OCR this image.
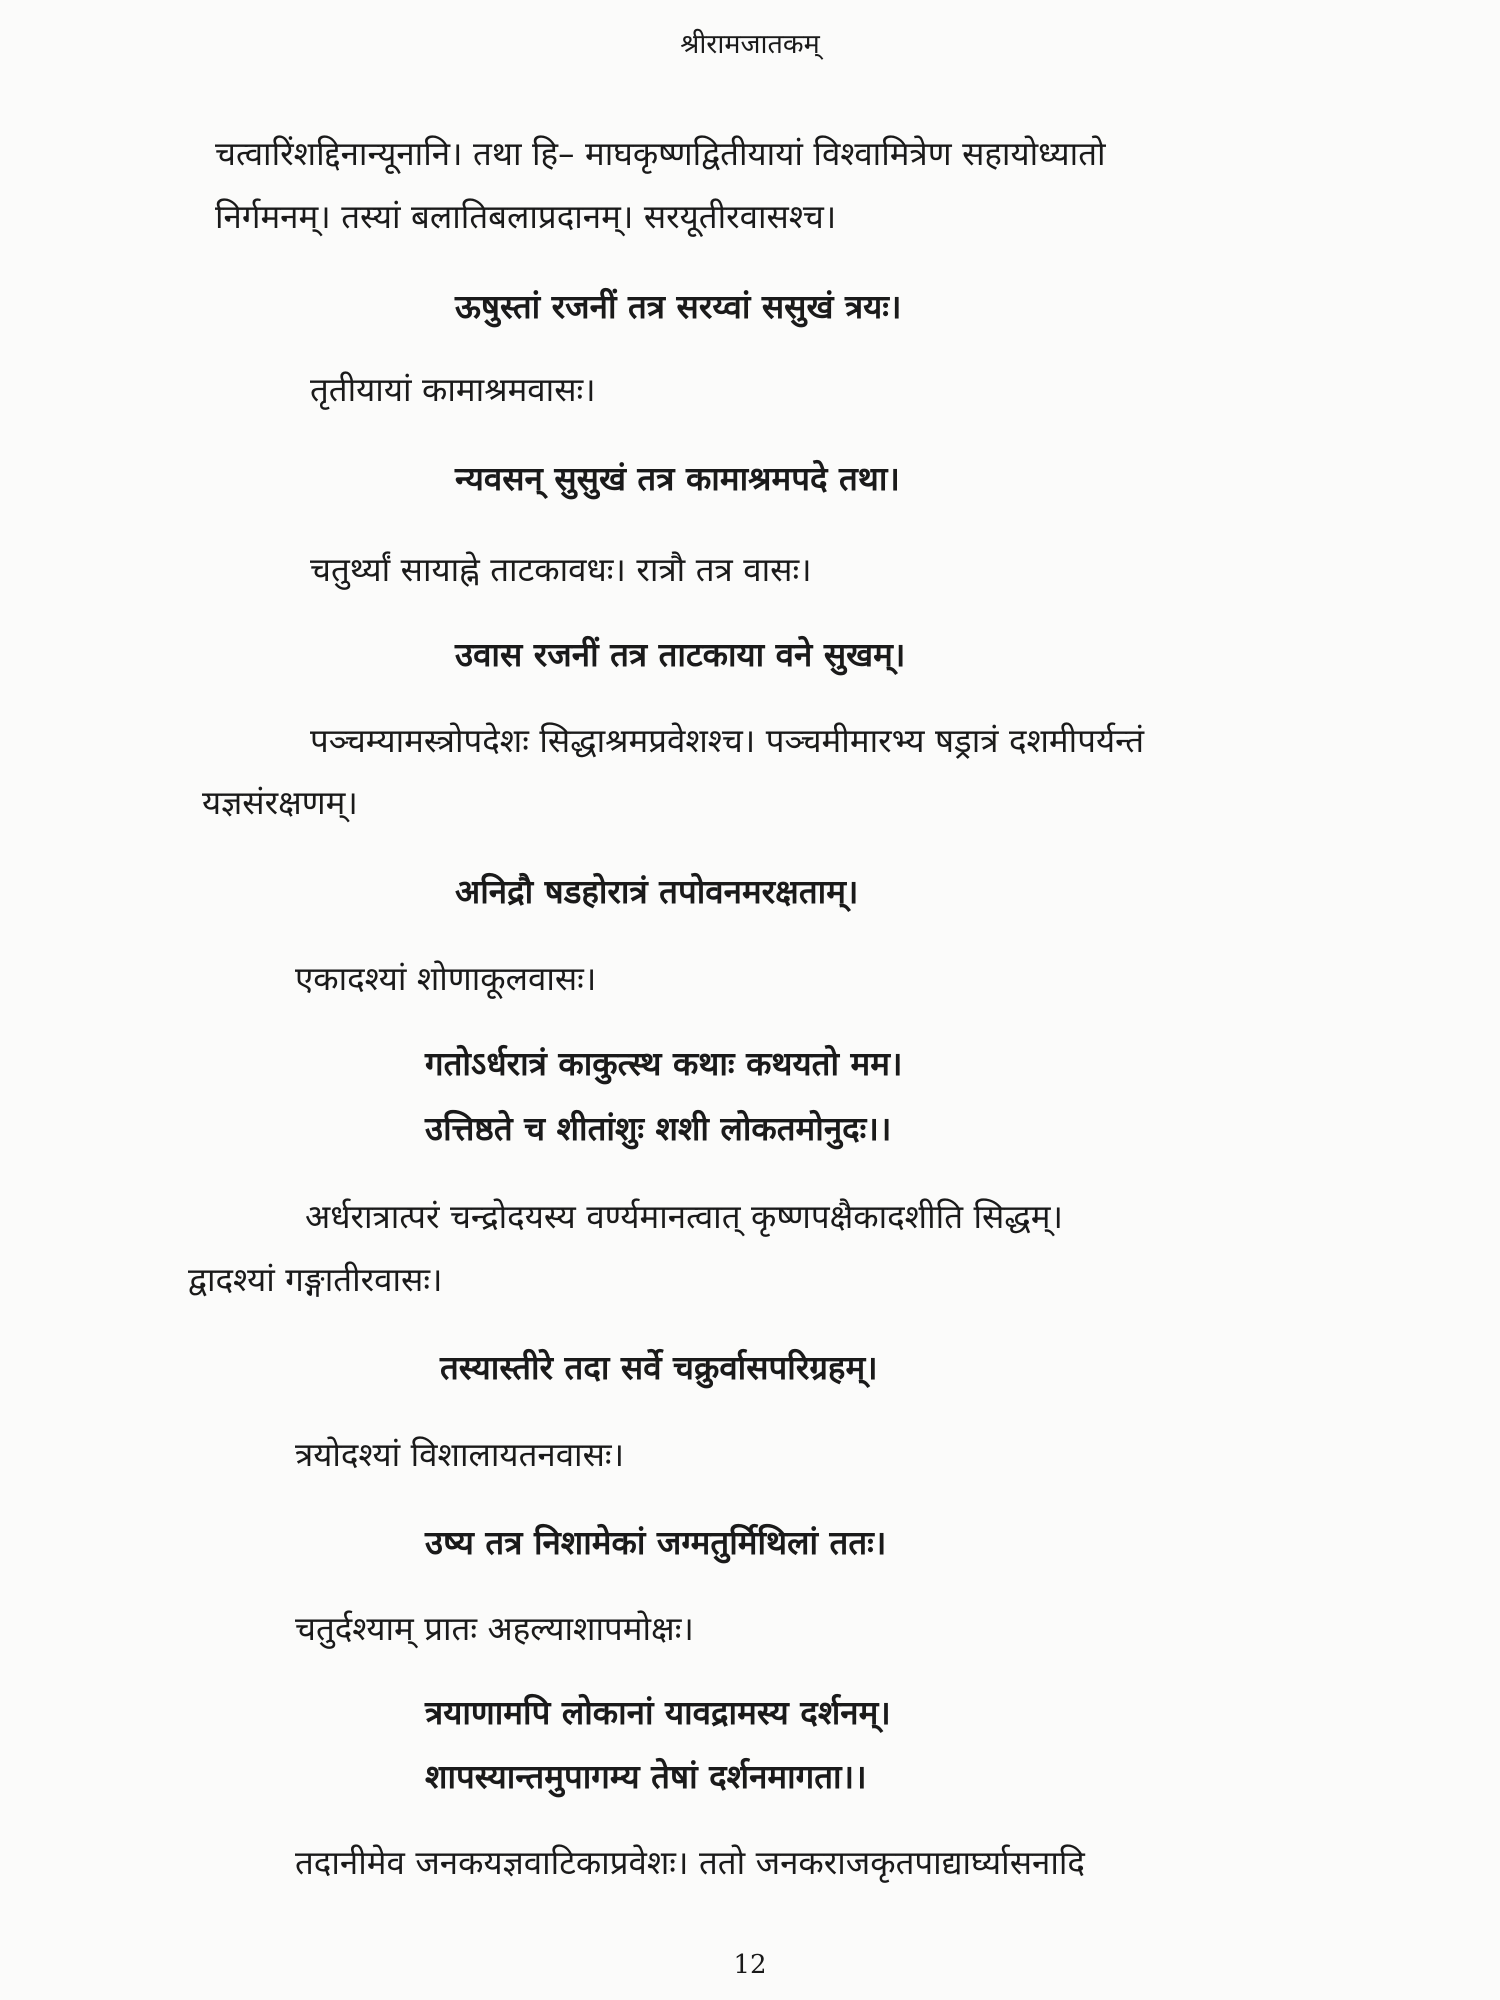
श्रीरामजातकम्
चत्वारिंशद्दिनान्यूनानि। तथा हि– माघकृष्णद्वितीयायां विश्वामित्रेण सहायोध्यातो
निर्गमनम्। तस्यां बलातिबलाप्रदानम्। सरयूतीरवासश्च।
ऊषुस्तां रजनीं तत्र सरय्वां ससुखं त्रयः।
तृतीयायां कामाश्रमवासः।
न्यवसन् सुसुखं तत्र कामाश्रमपदे तथा।
चतुर्थ्यां सायाह्ने ताटकावधः। रात्रौ तत्र वासः।
उवास रजनीं तत्र ताटकाया वने सुखम्।
पञ्चम्यामस्त्रोपदेशः सिद्धाश्रमप्रवेशश्च। पञ्चमीमारभ्य षड्रात्रं दशमीपर्यन्तं
यज्ञसंरक्षणम्।
अनिद्रौ षडहोरात्रं तपोवनमरक्षताम्।
एकादश्यां शोणाकूलवासः।
गतोऽर्धरात्रं काकुत्स्थ कथाः कथयतो मम।
उत्तिष्ठते च शीतांशुः शशी लोकतमोनुदः।।
अर्धरात्रात्परं चन्द्रोदयस्य वर्ण्यमानत्वात् कृष्णपक्षैकादशीति सिद्धम्।
द्वादश्यां गङ्गातीरवासः।
तस्यास्तीरे तदा सर्वे चक्रुर्वासपरिग्रहम्।
त्रयोदश्यां विशालायतनवासः।
उष्य तत्र निशामेकां जग्मतुर्मिथिलां ततः।
चतुर्दश्याम् प्रातः अहल्याशापमोक्षः।
त्रयाणामपि लोकानां यावद्रामस्य दर्शनम्।
शापस्यान्तमुपागम्य तेषां दर्शनमागता।।
तदानीमेव जनकयज्ञवाटिकाप्रवेशः। ततो जनकराजकृतपाद्यार्घ्यासनादि
12
